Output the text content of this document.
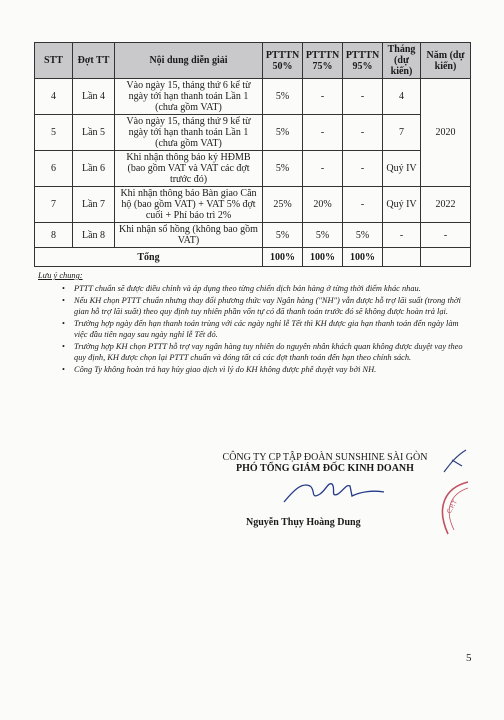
STT	Đợt TT	Nội dung diễn giải	PTTTN 50%	PTTTN 75%	PTTTN 95%	Tháng (dự kiến)	Năm (dự kiến)
4	Lần 4	Vào ngày 15, tháng thứ 6 kể từ ngày tới hạn thanh toán Lần 1 (chưa gồm VAT)	5%	-	-	4	2020
5	Lần 5	Vào ngày 15, tháng thứ 9 kể từ ngày tới hạn thanh toán Lần 1 (chưa gồm VAT)	5%	-	-	7	
6	Lần 6	Khi nhận thông báo ký HĐMB (bao gồm VAT và VAT các đợt trước đó)	5%	-	-	Quý IV	
7	Lần 7	Khi nhận thông báo Bàn giao Căn hộ (bao gồm VAT) + VAT 5% đợt cuối + Phí bảo trì 2%	25%	20%	-	Quý IV	2022
8	Lần 8	Khi nhận sổ hồng (không bao gồm VAT)	5%	5%	5%	-	-
Tổng			100%	100%	100%		
Lưu ý chung:
• PTTT chuẩn sẽ được điều chỉnh và áp dụng theo từng chiến dịch bán hàng ở từng thời điểm khác nhau.
• Nếu KH chọn PTTT chuẩn nhưng thay đổi phương thức vay Ngân hàng ("NH") vẫn được hỗ trợ lãi suất (trong thời gian hỗ trợ lãi suất) theo quy định tuy nhiên phần vốn tự có đã thanh toán trước đó sẽ không được hoàn trả lại.
• Trường hợp ngày đến hạn thanh toán trùng với các ngày nghỉ lễ Tết thì KH được gia hạn thanh toán đến ngày làm việc đầu tiên ngay sau ngày nghỉ lễ Tết đó.
• Trường hợp KH chọn PTTT hỗ trợ vay ngân hàng tuy nhiên do nguyên nhân khách quan không được duyệt vay theo quy định, KH được chọn lại PTTT chuẩn và đóng tất cả các đợt thanh toán đến hạn theo chính sách.
• Công Ty không hoàn trả hay hủy giao dịch vì lý do KH không được phê duyệt vay bởi NH.
CÔNG TY CP TẬP ĐOÀN SUNSHINE SÀI GÒN
PHÓ TỔNG GIÁM ĐỐC KINH DOANH
C.P.T
Nguyễn Thụy Hoàng Dung
5
